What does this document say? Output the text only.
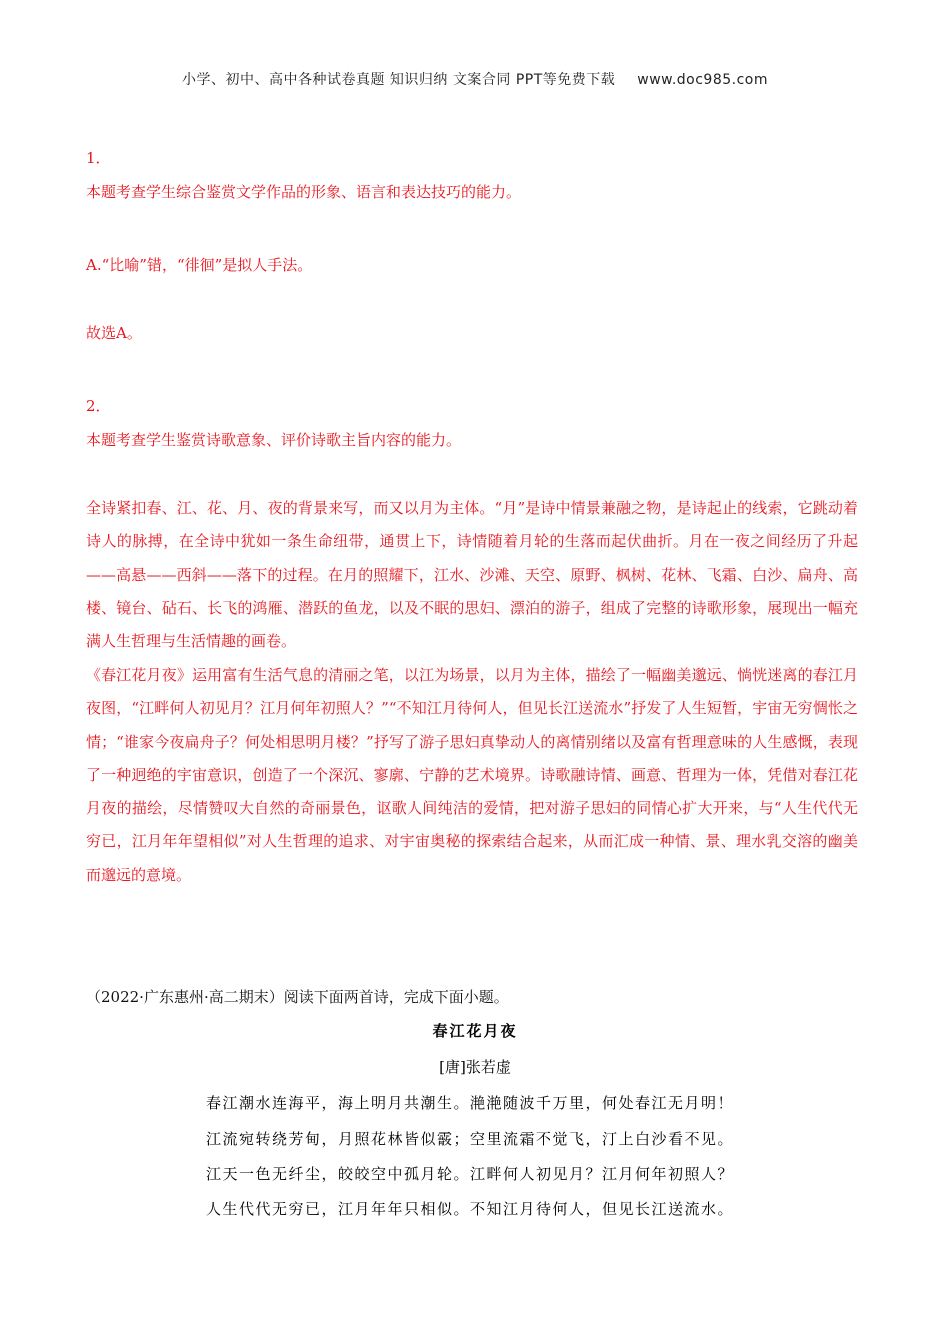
小学、初中、高中各种试卷真题 知识归纳 文案合同 PPT等免费下载 www.doc985.com
1．
本题考查学生综合鉴赏文学作品的形象、语言和表达技巧的能力。
A.“比喻”错，“徘徊”是拟人手法。
故选A。
2．
本题考查学生鉴赏诗歌意象、评价诗歌主旨内容的能力。
全诗紧扣春、江、花、月、夜的背景来写，而又以月为主体。“月”是诗中情景兼融之物，是诗起止的线索，它跳动着诗人的脉搏，在全诗中犹如一条生命纽带，通贯上下，诗情随着月轮的生落而起伏曲折。月在一夜之间经历了升起——高悬——西斜——落下的过程。在月的照耀下，江水、沙滩、天空、原野、枫树、花林、飞霜、白沙、扁舟、高楼、镜台、砧石、长飞的鸿雁、潜跃的鱼龙，以及不眠的思妇、漂泊的游子，组成了完整的诗歌形象，展现出一幅充满人生哲理与生活情趣的画卷。
《春江花月夜》运用富有生活气息的清丽之笔，以江为场景，以月为主体，描绘了一幅幽美邈远、惝恍迷离的春江月夜图，“江畔何人初见月？江月何年初照人？”“不知江月待何人，但见长江送流水”抒发了人生短暂，宇宙无穷惆怅之情；“谁家今夜扁舟子？何处相思明月楼？”抒写了游子思妇真挚动人的离情别绪以及富有哲理意味的人生感慨，表现了一种迥绝的宇宙意识，创造了一个深沉、寥廓、宁静的艺术境界。诗歌融诗情、画意、哲理为一体，凭借对春江花月夜的描绘，尽情赞叹大自然的奇丽景色，讴歌人间纯洁的爱情，把对游子思妇的同情心扩大开来，与“人生代代无穷已，江月年年望相似”对人生哲理的追求、对宇宙奥秘的探索结合起来，从而汇成一种情、景、理水乳交溶的幽美而邈远的意境。
（2022·广东惠州·高二期末）阅读下面两首诗，完成下面小题。
春江花月夜
[唐]张若虚
春江潮水连海平，海上明月共潮生。滟滟随波千万里，何处春江无月明！
江流宛转绕芳甸，月照花林皆似霰；空里流霜不觉飞，汀上白沙看不见。
江天一色无纤尘，皎皎空中孤月轮。江畔何人初见月？江月何年初照人？
人生代代无穷已，江月年年只相似。不知江月待何人，但见长江送流水。
